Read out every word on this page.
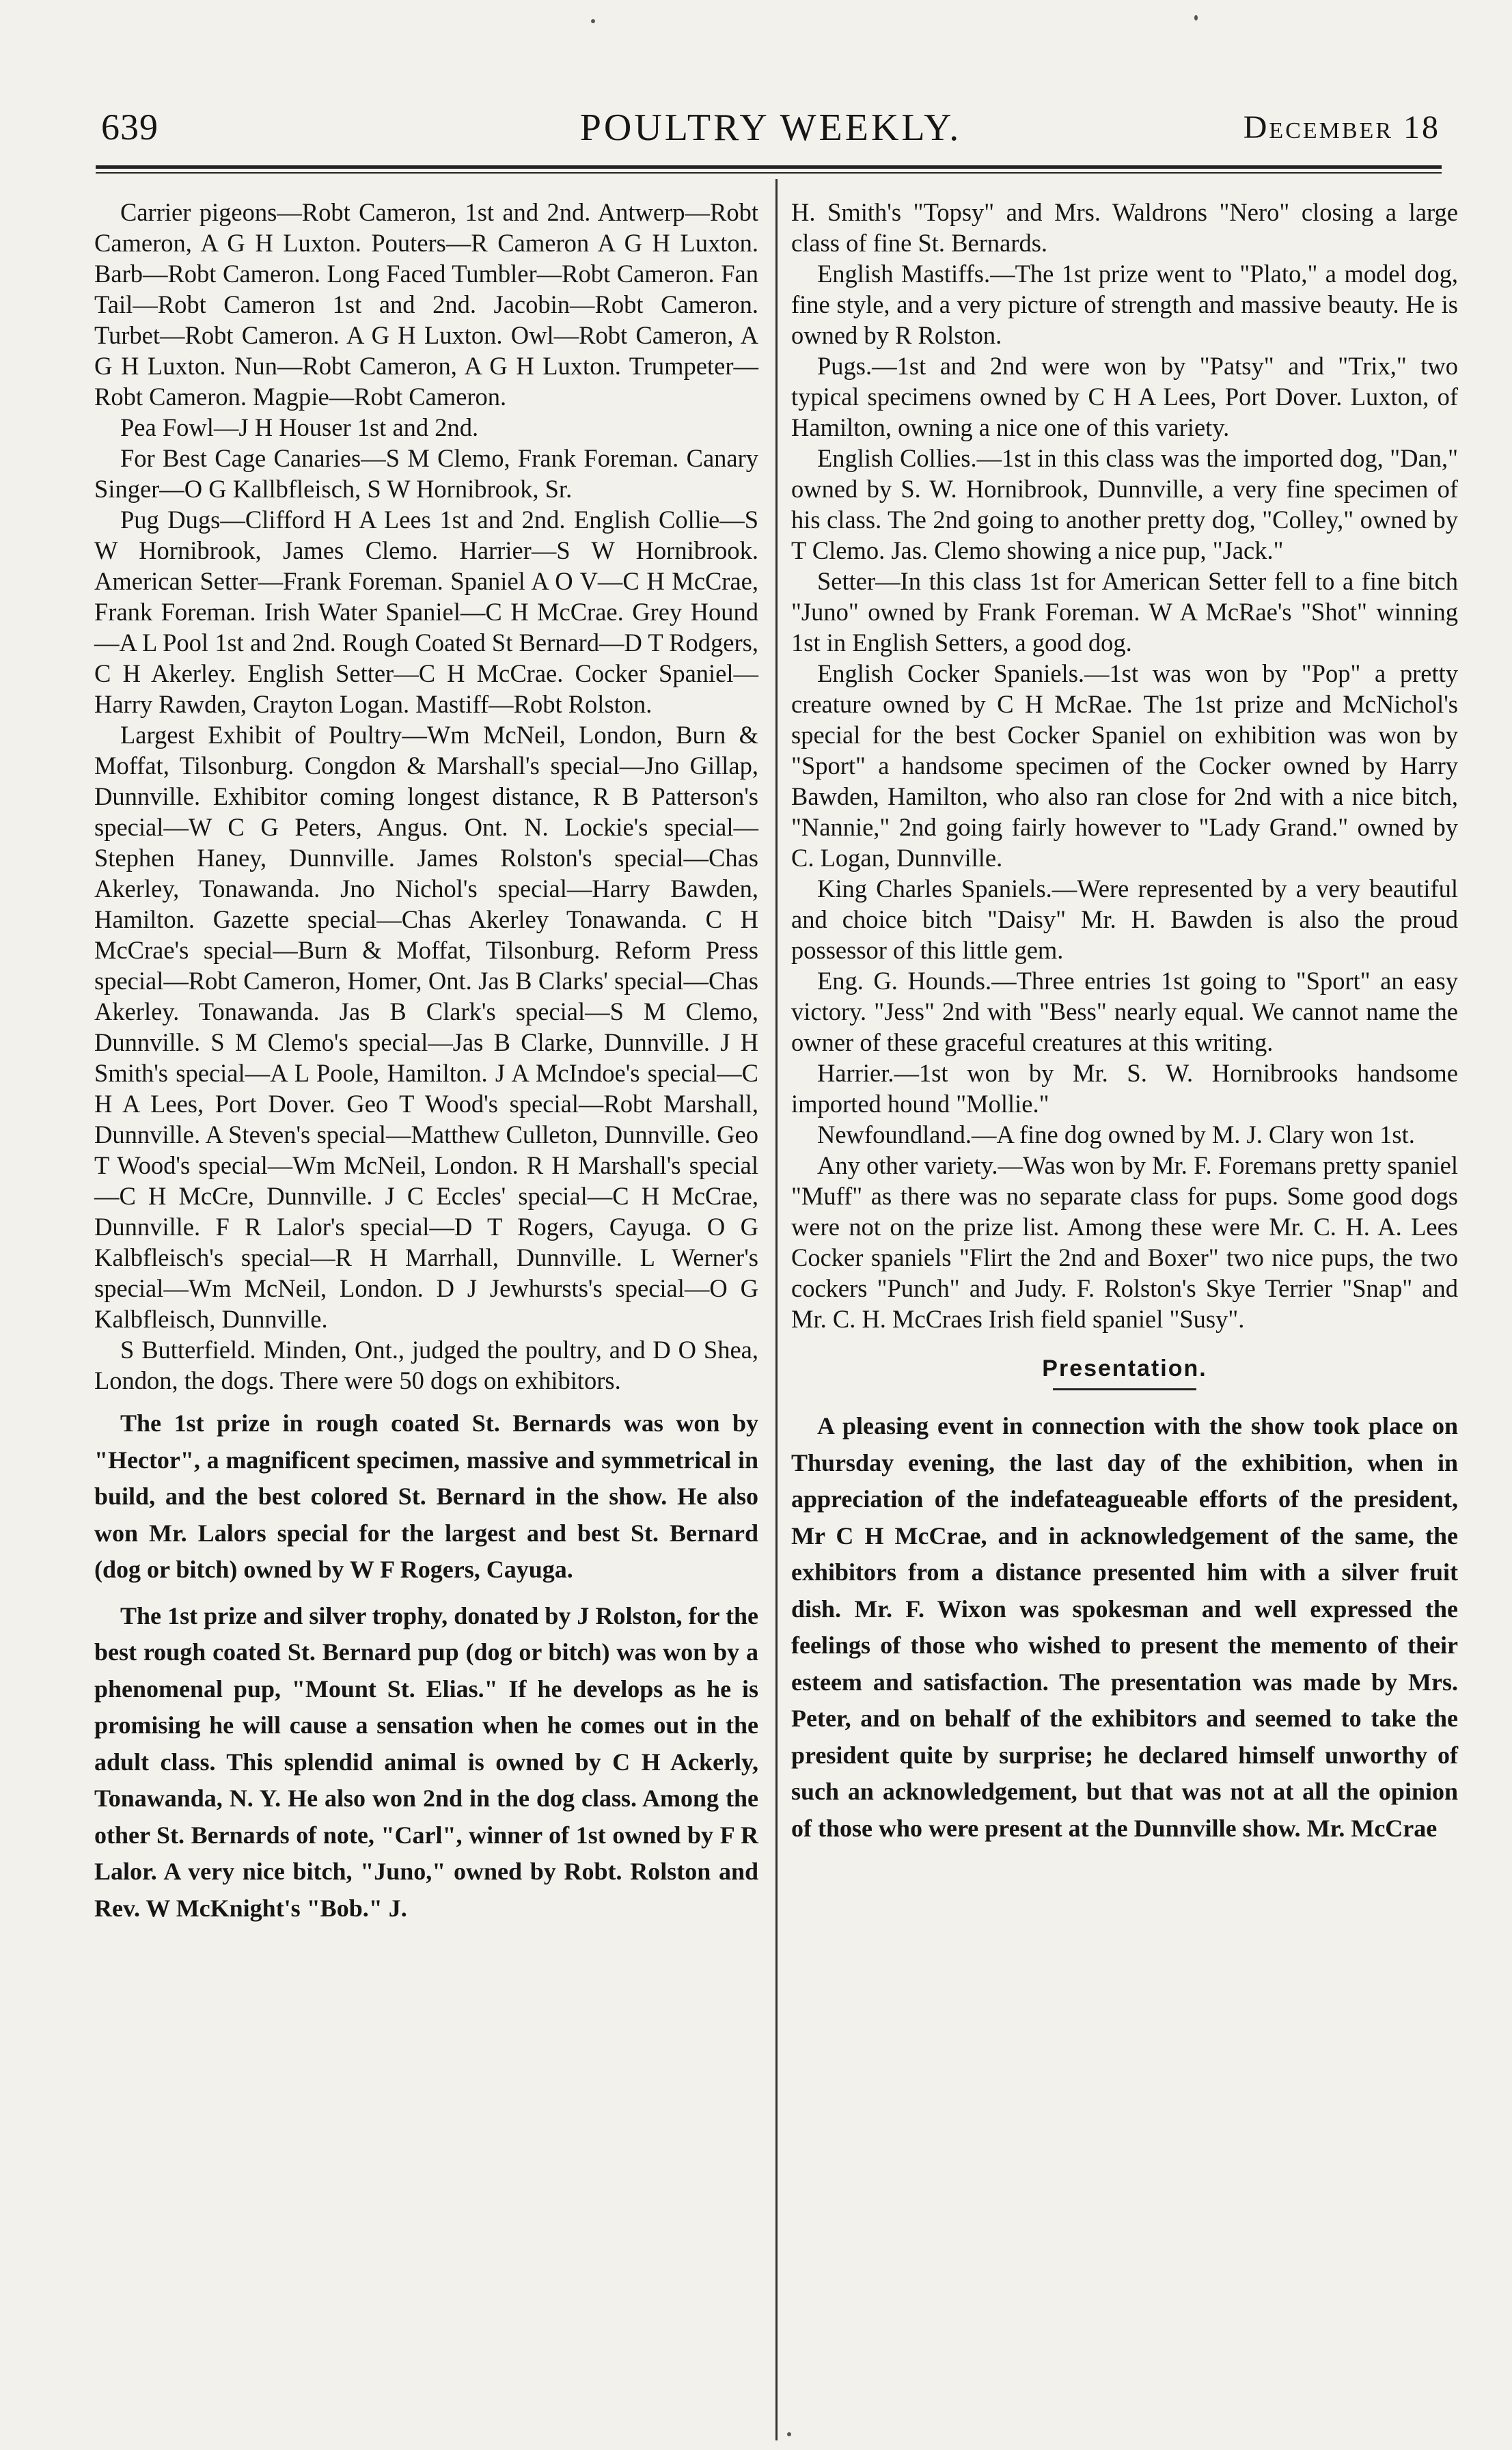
639	POULTRY WEEKLY.	December 18

Carrier pigeons—Robt Cameron, 1st and 2nd. Antwerp—Robt Cameron, A G H Luxton. Pouters—R Cameron A G H Luxton. Barb—Robt Cameron. Long Faced Tumbler—Robt Cameron. Fan Tail—Robt Cameron 1st and 2nd. Jacobin—Robt Cameron. Turbet—Robt Cameron. A G H Luxton. Owl—Robt Cameron, A G H Luxton. Nun—Robt Cameron, A G H Luxton. Trumpeter—Robt Cameron. Magpie—Robt Cameron.

Pea Fowl—J H Houser 1st and 2nd.

For Best Cage Canaries—S M Clemo, Frank Foreman. Canary Singer—O G Kallbfleisch, S W Hornibrook, Sr.

Pug Dugs—Clifford H A Lees 1st and 2nd. English Collie—S W Hornibrook, James Clemo. Harrier—S W Hornibrook. American Setter—Frank Foreman. Spaniel A O V—C H McCrae, Frank Foreman. Irish Water Spaniel—C H McCrae. Grey Hound—A L Pool 1st and 2nd. Rough Coated St Bernard—D T Rodgers, C H Akerley. English Setter—C H McCrae. Cocker Spaniel—Harry Rawden, Crayton Logan. Mastiff—Robt Rolston.

Largest Exhibit of Poultry—Wm McNeil, London, Burn & Moffat, Tilsonburg. Congdon & Marshall's special—Jno Gillap, Dunnville. Exhibitor coming longest distance, R B Patterson's special—W C G Peters, Angus. Ont. N. Lockie's special—Stephen Haney, Dunnville. James Rolston's special—Chas Akerley, Tonawanda. Jno Nichol's special—Harry Bawden, Hamilton. Gazette special—Chas Akerley Tonawanda. C H McCrae's special—Burn & Moffat, Tilsonburg. Reform Press special—Robt Cameron, Homer, Ont. Jas B Clarks' special—Chas Akerley. Tonawanda. Jas B Clark's special—S M Clemo, Dunnville. S M Clemo's special—Jas B Clarke, Dunnville. J H Smith's special—A L Poole, Hamilton. J A McIndoe's special—C H A Lees, Port Dover. Geo T Wood's special—Robt Marshall, Dunnville. A Steven's special—Matthew Culleton, Dunnville. Geo T Wood's special—Wm McNeil, London. R H Marshall's special—C H McCre, Dunnville. J C Eccles' special—C H McCrae, Dunnville. F R Lalor's special—D T Rogers, Cayuga. O G Kalbfleisch's special—R H Marrhall, Dunnville. L Werner's special—Wm McNeil, London. D J Jewhursts's special—O G Kalbfleisch, Dunnville.

S Butterfield. Minden, Ont., judged the poultry, and D O Shea, London, the dogs. There were 50 dogs on exhibitors.

The 1st prize in rough coated St. Bernards was won by "Hector", a magnificent specimen, massive and symmetrical in build, and the best colored St. Bernard in the show. He also won Mr. Lalors special for the largest and best St. Bernard (dog or bitch) owned by W F Rogers, Cayuga.

The 1st prize and silver trophy, donated by J Rolston, for the best rough coated St. Bernard pup (dog or bitch) was won by a phenomenal pup, "Mount St. Elias." If he develops as he is promising he will cause a sensation when he comes out in the adult class. This splendid animal is owned by C H Ackerly, Tonawanda, N. Y. He also won 2nd in the dog class. Among the other St. Bernards of note, "Carl", winner of 1st owned by F R Lalor. A very nice bitch, "Juno," owned by Robt. Rolston and Rev. W McKnight's "Bob." J.

H. Smith's "Topsy" and Mrs. Waldrons "Nero" closing a large class of fine St. Bernards.

English Mastiffs.—The 1st prize went to "Plato," a model dog, fine style, and a very picture of strength and massive beauty. He is owned by R Rolston.

Pugs.—1st and 2nd were won by "Patsy" and "Trix," two typical specimens owned by C H A Lees, Port Dover. Luxton, of Hamilton, owning a nice one of this variety.

English Collies.—1st in this class was the imported dog, "Dan," owned by S. W. Hornibrook, Dunnville, a very fine specimen of his class. The 2nd going to another pretty dog, "Colley," owned by T Clemo. Jas. Clemo showing a nice pup, "Jack."

Setter—In this class 1st for American Setter fell to a fine bitch "Juno" owned by Frank Foreman. W A McRae's "Shot" winning 1st in English Setters, a good dog.

English Cocker Spaniels.—1st was won by "Pop" a pretty creature owned by C H McRae. The 1st prize and McNichol's special for the best Cocker Spaniel on exhibition was won by "Sport" a handsome specimen of the Cocker owned by Harry Bawden, Hamilton, who also ran close for 2nd with a nice bitch, "Nannie," 2nd going fairly however to "Lady Grand." owned by C. Logan, Dunnville.

King Charles Spaniels.—Were represented by a very beautiful and choice bitch "Daisy" Mr. H. Bawden is also the proud possessor of this little gem.

Eng. G. Hounds.—Three entries 1st going to "Sport" an easy victory. "Jess" 2nd with "Bess" nearly equal. We cannot name the owner of these graceful creatures at this writing.

Harrier.—1st won by Mr. S. W. Hornibrooks handsome imported hound "Mollie."

Newfoundland.—A fine dog owned by M. J. Clary won 1st.

Any other variety.—Was won by Mr. F. Foremans pretty spaniel "Muff" as there was no separate class for pups. Some good dogs were not on the prize list. Among these were Mr. C. H. A. Lees Cocker spaniels "Flirt the 2nd and Boxer" two nice pups, the two cockers "Punch" and Judy. F. Rolston's Skye Terrier "Snap" and Mr. C. H. McCraes Irish field spaniel "Susy".

Presentation.

A pleasing event in connection with the show took place on Thursday evening, the last day of the exhibition, when in appreciation of the indefateagueable efforts of the president, Mr C H McCrae, and in acknowledgement of the same, the exhibitors from a distance presented him with a silver fruit dish. Mr. F. Wixon was spokesman and well expressed the feelings of those who wished to present the memento of their esteem and satisfaction. The presentation was made by Mrs. Peter, and on behalf of the exhibitors and seemed to take the president quite by surprise; he declared himself unworthy of such an acknowledgement, but that was not at all the opinion of those who were present at the Dunnville show. Mr. McCrae
